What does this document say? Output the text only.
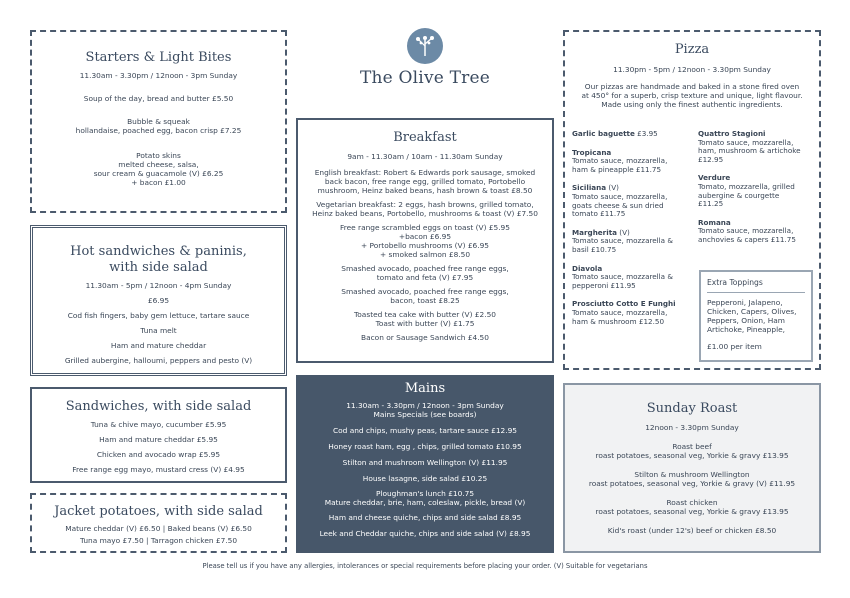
The Olive Tree
Starters & Light Bites
11.30am - 3.30pm / 12noon - 3pm Sunday
Soup of the day, bread and butter £5.50
Bubble & squeak
hollandaise, poached egg, bacon crisp £7.25
Potato skins
melted cheese, salsa,
sour cream & guacamole (V) £6.25
+ bacon £1.00
Hot sandwiches & paninis,
with side salad
11.30am - 5pm / 12noon - 4pm Sunday
£6.95
Cod fish fingers, baby gem lettuce, tartare sauce
Tuna melt
Ham and mature cheddar
Grilled aubergine, halloumi, peppers and pesto (V)
Sandwiches, with side salad
Tuna & chive mayo, cucumber £5.95
Ham and mature cheddar £5.95
Chicken and avocado wrap £5.95
Free range egg mayo, mustard cress (V) £4.95
Jacket potatoes, with side salad
Mature cheddar (V) £6.50 | Baked beans (V) £6.50
Tuna mayo £7.50 | Tarragon chicken £7.50
Breakfast
9am - 11.30am / 10am - 11.30am Sunday
English breakfast: Robert & Edwards pork sausage, smoked
back bacon, free range egg, grilled tomato, Portobello
mushroom, Heinz baked beans, hash brown & toast £8.50
Vegetarian breakfast: 2 eggs, hash browns, grilled tomato,
Heinz baked beans, Portobello, mushrooms & toast (V) £7.50
Free range scrambled eggs on toast (V) £5.95
+bacon £6.95
+ Portobello mushrooms (V) £6.95
+ smoked salmon £8.50
Smashed avocado, poached free range eggs,
tomato and feta (V) £7.95
Smashed avocado, poached free range eggs,
bacon, toast £8.25
Toasted tea cake with butter (V) £2.50
Toast with butter (V) £1.75
Bacon or Sausage Sandwich £4.50
Mains
11.30am - 3.30pm / 12noon - 3pm Sunday
Mains Specials (see boards)
Cod and chips, mushy peas, tartare sauce £12.95
Honey roast ham, egg , chips, grilled tomato £10.95
Stilton and mushroom Wellington (V) £11.95
House lasagne, side salad £10.25
Ploughman's lunch £10.75
Mature cheddar, brie, ham, coleslaw, pickle, bread (V)
Ham and cheese quiche, chips and side salad £8.95
Leek and Cheddar quiche, chips and side salad (V) £8.95
Pizza
11.30pm - 5pm / 12noon - 3.30pm Sunday
Our pizzas are handmade and baked in a stone fired oven
at 450° for a superb, crisp texture and unique, light flavour.
Made using only the finest authentic ingredients.
Garlic baguette £3.95
Tropicana
Tomato sauce, mozzarella,
ham & pineapple £11.75
Siciliana (V)
Tomato sauce, mozzarella,
goats cheese & sun dried
tomato £11.75
Margherita (V)
Tomato sauce, mozzarella &
basil £10.75
Diavola
Tomato sauce, mozzarella &
pepperoni £11.95
Prosciutto Cotto E Funghi
Tomato sauce, mozzarella,
ham & mushroom £12.50
Quattro Stagioni
Tomato sauce, mozzarella,
ham, mushroom & artichoke
£12.95
Verdure
Tomato, mozzarella, grilled
aubergine & courgette
£11.25
Romana
Tomato sauce, mozzarella,
anchovies & capers £11.75
Extra Toppings
Pepperoni, Jalapeno,
Chicken, Capers, Olives,
Peppers, Onion, Ham
Artichoke, Pineapple,
£1.00 per item
Sunday Roast
12noon - 3.30pm Sunday
Roast beef
roast potatoes, seasonal veg, Yorkie & gravy £13.95
Stilton & mushroom Wellington
roast potatoes, seasonal veg, Yorkie & gravy (V) £11.95
Roast chicken
roast potatoes, seasonal veg, Yorkie & gravy £13.95
Kid's roast (under 12's) beef or chicken £8.50
Please tell us if you have any allergies, intolerances or special requirements before placing your order. (V) Suitable for vegetarians
